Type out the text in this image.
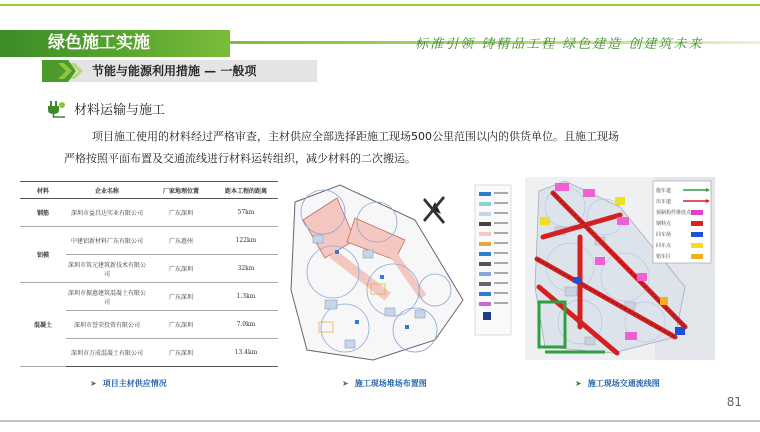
绿色施工实施	标准引领 铸精品工程 绿色建造 创建筑未来
节能与能源利用措施 — 一般项
材料运输与施工
项目施工使用的材料经过严格审查，主材供应全部选择距施工现场500公里范围以内的供货单位。且施工现场
严格按照平面布置及交通流线进行材料运转组织，减少材料的二次搬运。
材料	企业名称	厂家地理位置	距本工程的距离
钢筋	深圳市益昌达实业有限公司	广东深圳	57km
铝模	中建铝新材料广东有限公司	广东惠州	122km
	深圳市筑元建筑新技术有限公司	广东深圳	32km
混凝土	深圳市振惠建筑混凝土有限公司	广东深圳	1.3km
	深圳市誉荣投资有限公司	广东深圳	7.9km
	深圳市万成混凝土有限公司	广东深圳	13.4km
施车道
出车道
预制构件堆放点
钢料点
回车场
回车点
错车区
➤ 项目主材供应情况	➤ 施工现场堆场布置图	➤ 施工现场交通流线图
81
